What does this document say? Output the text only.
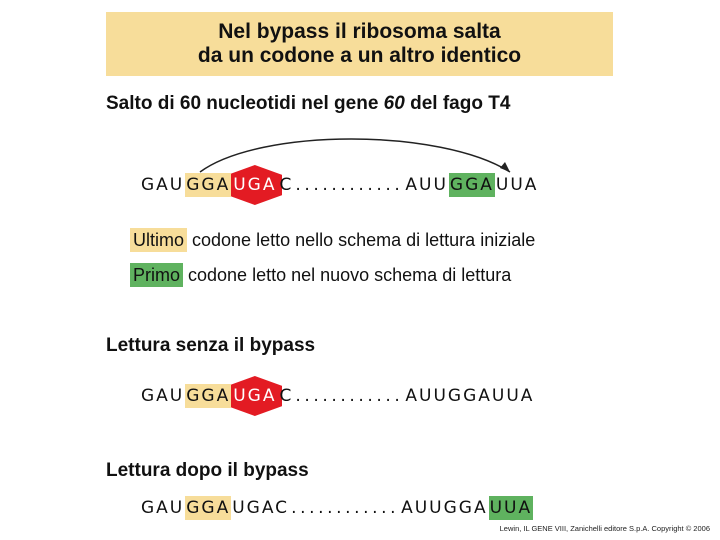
Nel bypass il ribosoma salta
da un codone a un altro identico
Salto di 60 nucleotidi nel gene 60 del fago T4
GAU GGA UGA C ............ AUU GGA UUA
Ultimo codone letto nello schema di lettura iniziale
Primo codone letto nel nuovo schema di lettura
Lettura senza il bypass
GAU GGA UGA C ............ AUUGGAUUA
Lettura dopo il bypass
GAU GGA UGAC ............ AUUGGA UUA
Lewin, IL GENE VIII, Zanichelli editore S.p.A. Copyright © 2006
